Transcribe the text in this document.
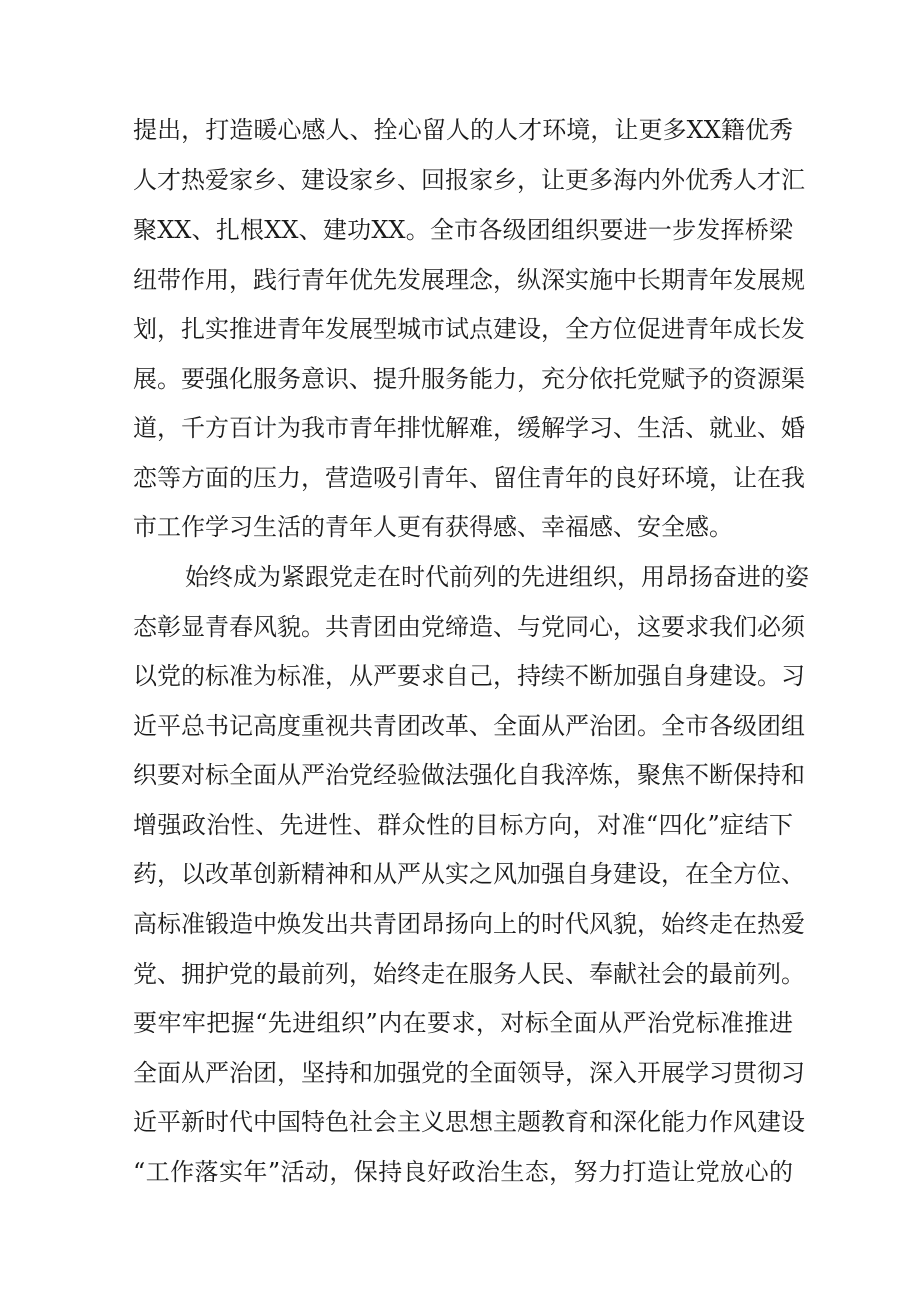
提出，打造暖心感人、拴心留人的人才环境，让更多XX籍优秀
人才热爱家乡、建设家乡、回报家乡，让更多海内外优秀人才汇
聚XX、扎根XX、建功XX。全市各级团组织要进一步发挥桥梁
纽带作用，践行青年优先发展理念，纵深实施中长期青年发展规
划，扎实推进青年发展型城市试点建设，全方位促进青年成长发
展。要强化服务意识、提升服务能力，充分依托党赋予的资源渠
道，千方百计为我市青年排忧解难，缓解学习、生活、就业、婚
恋等方面的压力，营造吸引青年、留住青年的良好环境，让在我
市工作学习生活的青年人更有获得感、幸福感、安全感。
始终成为紧跟党走在时代前列的先进组织，用昂扬奋进的姿
态彰显青春风貌。共青团由党缔造、与党同心，这要求我们必须
以党的标准为标准，从严要求自己，持续不断加强自身建设。习
近平总书记高度重视共青团改革、全面从严治团。全市各级团组
织要对标全面从严治党经验做法强化自我淬炼，聚焦不断保持和
增强政治性、先进性、群众性的目标方向，对准“四化”症结下
药，以改革创新精神和从严从实之风加强自身建设，在全方位、
高标准锻造中焕发出共青团昂扬向上的时代风貌，始终走在热爱
党、拥护党的最前列，始终走在服务人民、奉献社会的最前列。
要牢牢把握“先进组织”内在要求，对标全面从严治党标准推进
全面从严治团，坚持和加强党的全面领导，深入开展学习贯彻习
近平新时代中国特色社会主义思想主题教育和深化能力作风建设
“工作落实年”活动，保持良好政治生态，努力打造让党放心的
